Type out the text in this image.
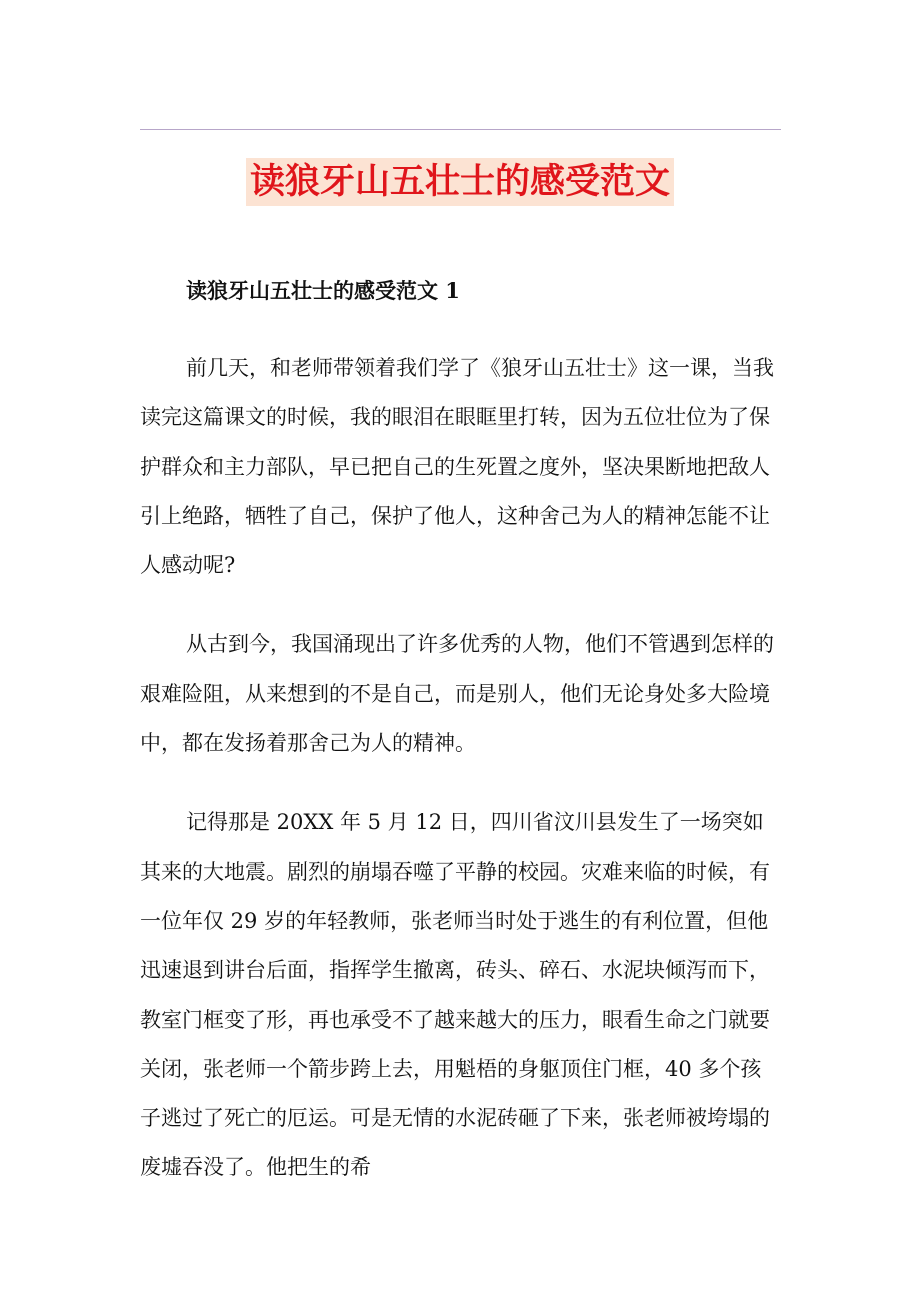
读狼牙山五壮士的感受范文

读狼牙山五壮士的感受范文 1

前几天，和老师带领着我们学了《狼牙山五壮士》这一课，当我读完这篇课文的时候，我的眼泪在眼眶里打转，因为五位壮位为了保护群众和主力部队，早已把自己的生死置之度外，坚决果断地把敌人引上绝路，牺牲了自己，保护了他人，这种舍己为人的精神怎能不让人感动呢?

从古到今，我国涌现出了许多优秀的人物，他们不管遇到怎样的艰难险阻，从来想到的不是自己，而是别人，他们无论身处多大险境中，都在发扬着那舍己为人的精神。

记得那是 20XX 年 5 月 12 日，四川省汶川县发生了一场突如其来的大地震。剧烈的崩塌吞噬了平静的校园。灾难来临的时候，有一位年仅 29 岁的年轻教师，张老师当时处于逃生的有利位置，但他迅速退到讲台后面，指挥学生撤离，砖头、碎石、水泥块倾泻而下，教室门框变了形，再也承受不了越来越大的压力，眼看生命之门就要关闭，张老师一个箭步跨上去，用魁梧的身躯顶住门框，40 多个孩子逃过了死亡的厄运。可是无情的水泥砖砸了下来，张老师被垮塌的废墟吞没了。他把生的希
